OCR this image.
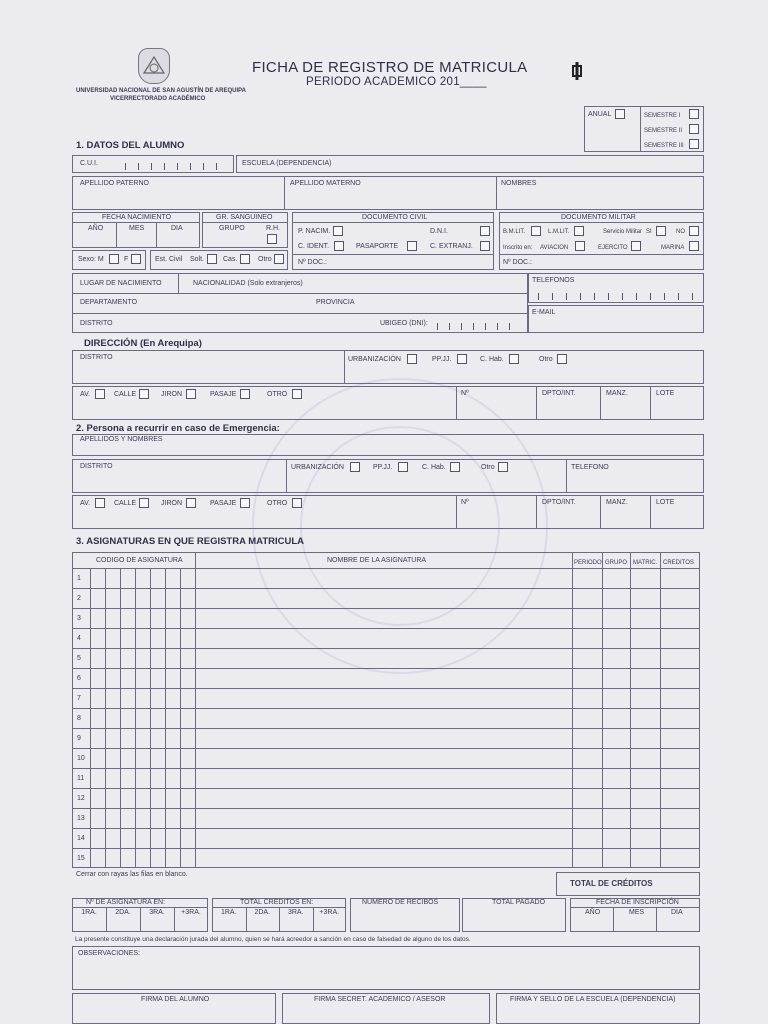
UNIVERSIDAD NACIONAL DE SAN AGUSTÍN DE AREQUIPA
VICERRECTORADO ACADÉMICO
FICHA DE REGISTRO DE MATRICULA
PERIODO ACADEMICO 201____
ANUAL	SEMESTRE I
SEMESTRE II
SEMESTRE III
1. DATOS DEL ALUMNO
C.U.I.	ESCUELA (DEPENDENCIA)
APELLIDO PATERNO	APELLIDO MATERNO	NOMBRES
FECHA NACIMIENTO
AÑO	MES	DIA
GR. SANGUINEO
GRUPO	R.H.
DOCUMENTO CIVIL
P. NACIM.	D.N.I.
C. IDENT.	PASAPORTE	C. EXTRANJ.
Nº DOC.:
DOCUMENTO MILITAR
B.M.LIT.	L.M.LIT.	Servicio Militar SI	NO
Inscrito en: AVIACION	EJERCITO	MARINA
Nº DOC.:
Sexo: M	F	Est. Civil Solt.	Cas.	Otro
LUGAR DE NACIMIENTO	NACIONALIDAD (Solo extranjeros)
DEPARTAMENTO	PROVINCIA
DISTRITO	UBIGEO (DNI):
TELEFONOS
E-MAIL
DIRECCIÓN (En Arequipa)
DISTRITO	URBANIZACIÓN	PP.JJ.	C. Hab.	Otro
AV.	CALLE	JIRON	PASAJE	OTRO	Nº	DPTO/INT.	MANZ.	LOTE
2. Persona a recurrir en caso de Emergencia:
APELLIDOS Y NOMBRES
DISTRITO	URBANIZACIÓN	PP.JJ.	C. Hab.	Otro	TELEFONO
AV.	CALLE	JIRON	PASAJE	OTRO	Nº	DPTO/INT.	MANZ.	LOTE
3. ASIGNATURAS EN QUE REGISTRA MATRICULA
CODIGO DE ASIGNATURA	NOMBRE DE LA ASIGNATURA	PERIODO GRUPO MATRIC. CREDITOS
1
2
3
4
5
6
7
8
9
10
11
12
13
14
15
Cerrar con rayas las filas en blanco.
TOTAL DE CRÉDITOS
Nº DE ASIGNATURA EN:
1RA.	2DA.	3RA.	+3RA.
TOTAL CREDITOS EN:
1RA.	2DA.	3RA.	+3RA.
NUMERO DE RECIBOS	TOTAL PAGADO	FECHA DE INSCRIPCIÓN
AÑO	MES	DIA
La presente constituye una declaración jurada del alumno, quien se hará acreedor a sanción en caso de falsedad de alguno de los datos.
OBSERVACIONES:
FIRMA DEL ALUMNO	FIRMA SECRET. ACADEMICO / ASESOR	FIRMA Y SELLO DE LA ESCUELA (DEPENDENCIA)
